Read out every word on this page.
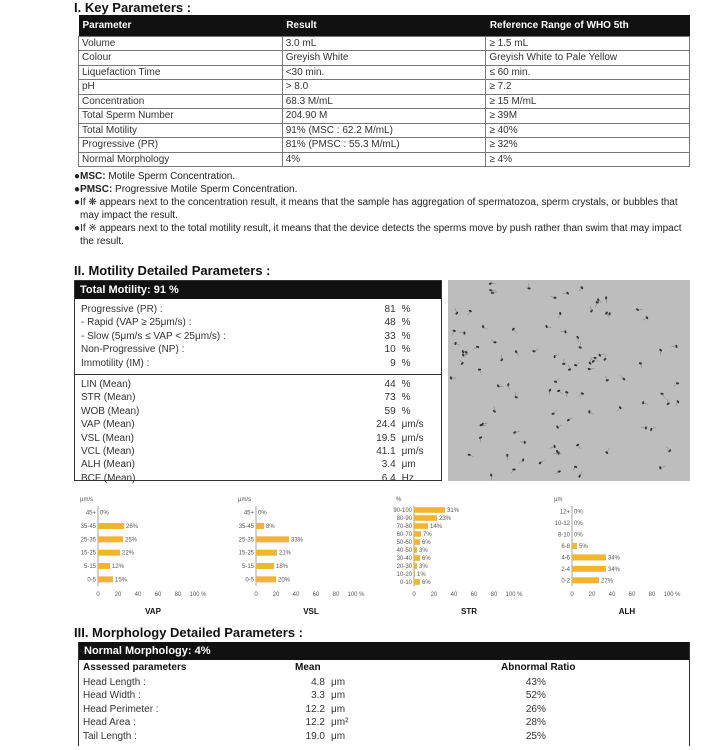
I. Key Parameters :
Parameter	Result	Reference Range of WHO 5th
Volume	3.0 mL	≥ 1.5 mL
Colour	Greyish White	Greyish White to Pale Yellow
Liquefaction Time	<30 min.	≤ 60 min.
pH	> 8.0	≥ 7.2
Concentration	68.3 M/mL	≥ 15 M/mL
Total Sperm Number	204.90 M	≥ 39M
Total Motility	91% (MSC : 62.2 M/mL)	≥ 40%
Progressive (PR)	81% (PMSC : 55.3 M/mL)	≥ 32%
Normal Morphology	4%	≥ 4%
●MSC: Motile Sperm Concentration.
●PMSC: Progressive Motile Sperm Concentration.
● If ❋ appears next to the concentration result, it means that the sample has aggregation of spermatozoa, sperm crystals, or bubbles that may impact the result.
● If ※ appears next to the total motility result, it means that the device detects the sperms move by push rather than swim that may impact the result.
II. Motility Detailed Parameters :
Total Motility: 91 %
Progressive (PR) :	81 %
- Rapid (VAP ≥ 25μm/s) :	48 %
- Slow (5μm/s ≤ VAP < 25μm/s) :	33 %
Non-Progressive (NP) :	10 %
Immotility (IM) :	9 %
LIN (Mean)	44 %
STR (Mean)	73 %
WOB (Mean)	59 %
VAP (Mean)	24.4 μm/s
VSL (Mean)	19.5 μm/s
VCL (Mean)	41.1 μm/s
ALH (Mean)	3.4 μm
BCF (Mean)	6.4 Hz
μm/s
45+ 0%
35-45	26%
25-35	25%
15-25	22%
5-15	12%
0-5	15%
0 20 40 60 80 100 %
VAP
μm/s
45+ 0%
35-45 8%
25-35	33%
15-25	21%
5-15	18%
0-5	20%
0 20 40 60 80 100 %
VSL
%
90-100	31%
80-90	23%
70-80	14%
60-70 7%
50-60 6%
40-50 3%
30-40 6%
20-30 3%
10-20 1%
0-10 6%
0 20 40 60 80 100 %
STR
μm
12+ 0%
10-12 0%
8-10 0%
6-8 5%
4-6	34%
2-4	34%
0-2	27%
0 20 40 60 80 100 %
ALH
III. Morphology Detailed Parameters :
Normal Morphology: 4%
Assessed parameters	Mean	Abnormal Ratio
Head Length :	4.8 μm	43 %
Head Width :	3.3 μm	52 %
Head Perimeter :	12.2 μm	26 %
Head Area :	12.2 μm²	28 %
Tail Length :	19.0 μm	25 %
